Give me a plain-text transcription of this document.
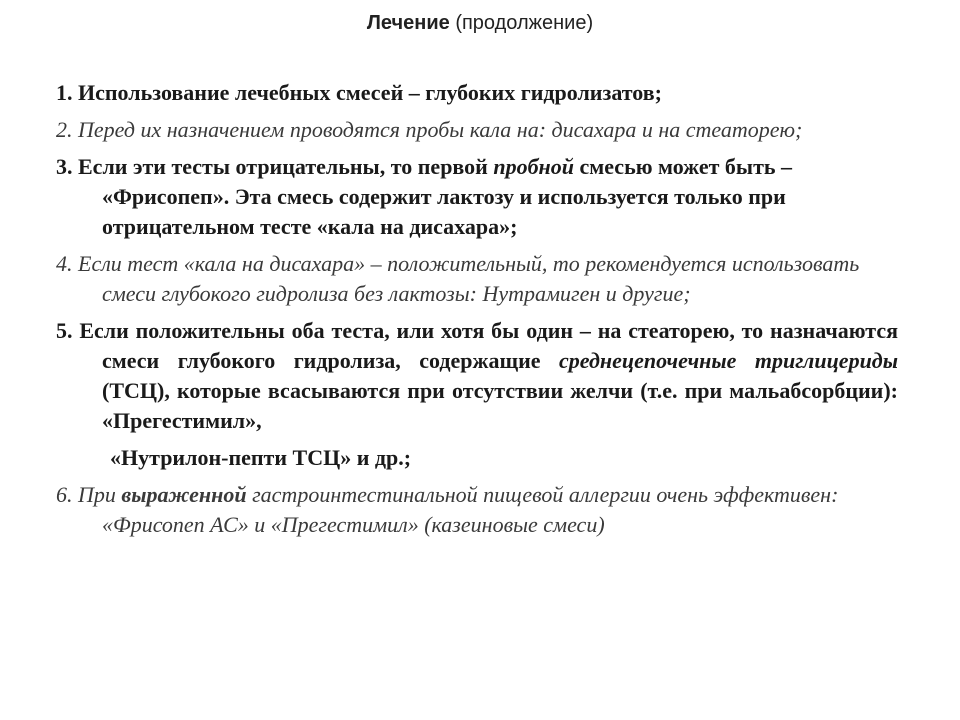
Лечение (продолжение)

1. Использование лечебных смесей – глубоких гидролизатов;

2. Перед их назначением проводятся пробы кала на: дисахара и на стеаторею;

3. Если эти тесты отрицательны, то первой пробной смесью может быть – «Фрисопеп». Эта смесь содержит лактозу и используется только при отрицательном тесте «кала на дисахара»;

4. Если тест «кала на дисахара» – положительный, то рекомендуется использовать смеси глубокого гидролиза без лактозы: Нутрамиген и другие;

5. Если положительны оба теста, или хотя бы один – на стеаторею, то назначаются смеси глубокого гидролиза, содержащие среднецепочечные триглицериды (ТСЦ), которые всасываются при отсутствии желчи (т.е. при мальабсорбции): «Прегестимил»,

«Нутрилон-пепти ТСЦ» и др.;

6. При выраженной гастроинтестинальной пищевой аллергии очень эффективен: «Фрисопеп АС» и «Прегестимил» (казеиновые смеси)
